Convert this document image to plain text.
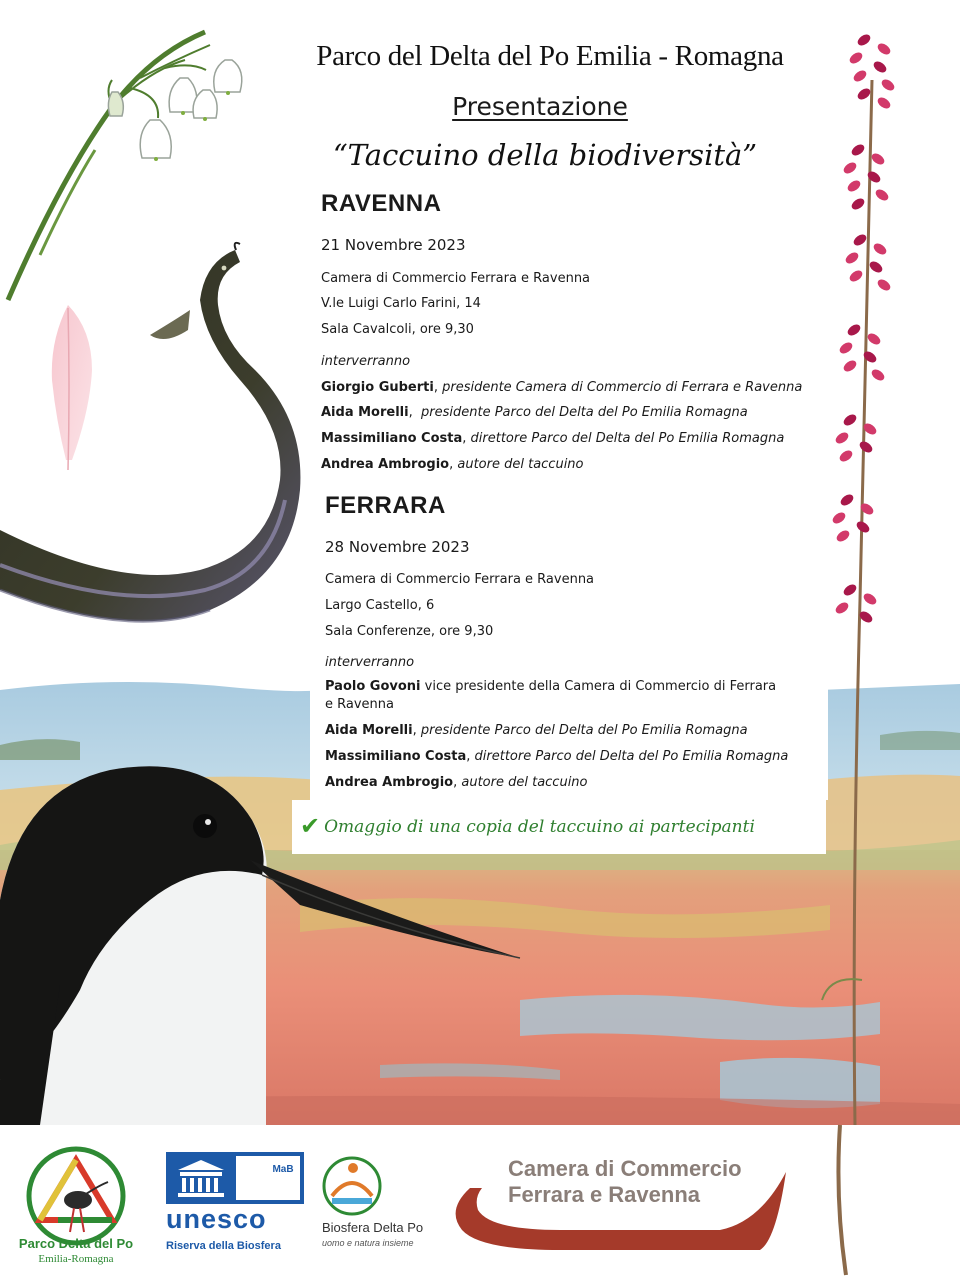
Parco del Delta del Po Emilia - Romagna
Presentazione
“Taccuino della biodiversità”
RAVENNA
21 Novembre 2023
Camera di Commercio Ferrara e Ravenna
V.le Luigi Carlo Farini, 14
Sala Cavalcoli, ore 9,30
interverranno
Giorgio Guberti, presidente Camera di Commercio di Ferrara e Ravenna
Aida Morelli,  presidente Parco del Delta del Po Emilia Romagna
Massimiliano Costa, direttore Parco del Delta del Po Emilia Romagna
Andrea Ambrogio, autore del taccuino
FERRARA
28 Novembre 2023
Camera di Commercio Ferrara e Ravenna
Largo Castello, 6
Sala Conferenze, ore 9,30
interverranno
Paolo Govoni vice presidente della Camera di Commercio di Ferrara
e Ravenna
Aida Morelli, presidente Parco del Delta del Po Emilia Romagna
Massimiliano Costa, direttore Parco del Delta del Po Emilia Romagna
Andrea Ambrogio, autore del taccuino
✔ Omaggio di una copia del taccuino ai partecipanti
Parco Delta del Po
Emilia-Romagna
MaB
unesco
Riserva della Biosfera
Biosfera Delta Po
uomo e natura insieme
Camera di Commercio
Ferrara e Ravenna
